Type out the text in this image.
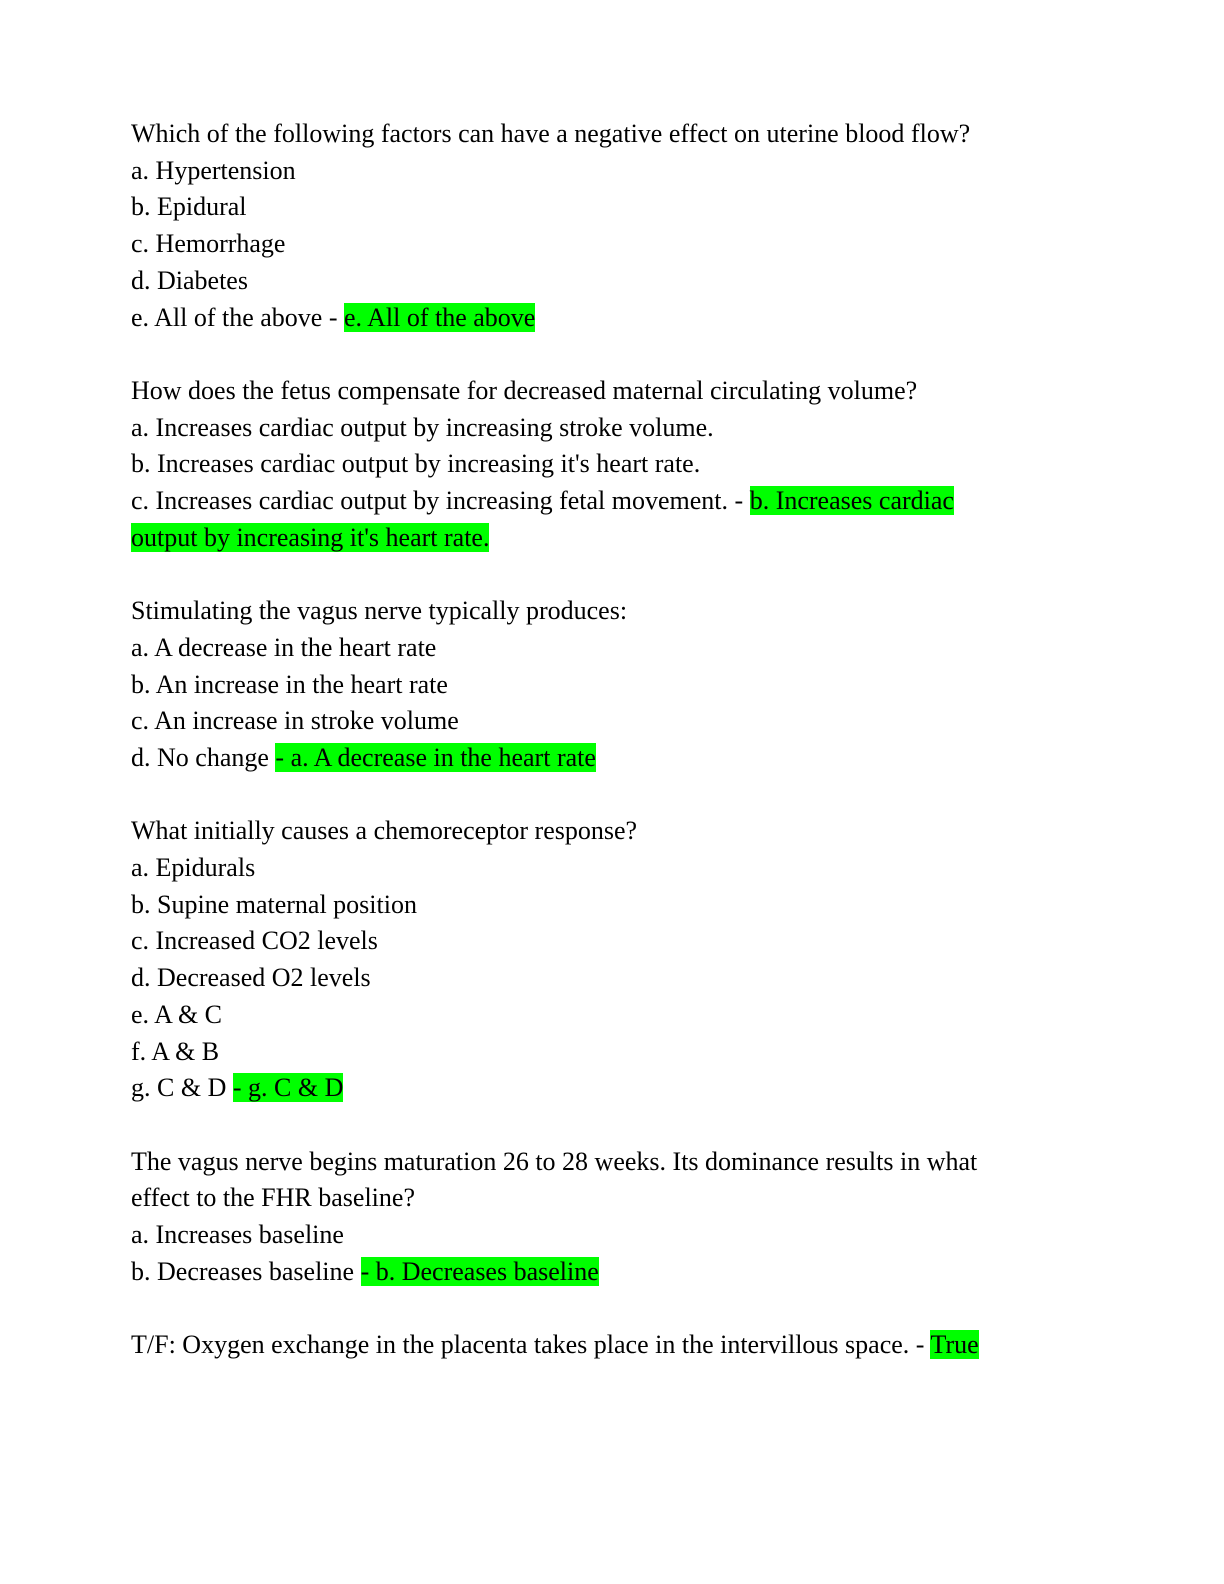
Which of the following factors can have a negative effect on uterine blood flow?
a. Hypertension
b. Epidural
c. Hemorrhage
d. Diabetes
e. All of the above - e. All of the above
How does the fetus compensate for decreased maternal circulating volume?
a. Increases cardiac output by increasing stroke volume.
b. Increases cardiac output by increasing it's heart rate.
c. Increases cardiac output by increasing fetal movement. - b. Increases cardiac
output by increasing it's heart rate.
Stimulating the vagus nerve typically produces:
a. A decrease in the heart rate
b. An increase in the heart rate
c. An increase in stroke volume
d. No change - a. A decrease in the heart rate
What initially causes a chemoreceptor response?
a. Epidurals
b. Supine maternal position
c. Increased CO2 levels
d. Decreased O2 levels
e. A & C
f. A & B
g. C & D - g. C & D
The vagus nerve begins maturation 26 to 28 weeks. Its dominance results in what
effect to the FHR baseline?
a. Increases baseline
b. Decreases baseline - b. Decreases baseline
T/F: Oxygen exchange in the placenta takes place in the intervillous space. - True
